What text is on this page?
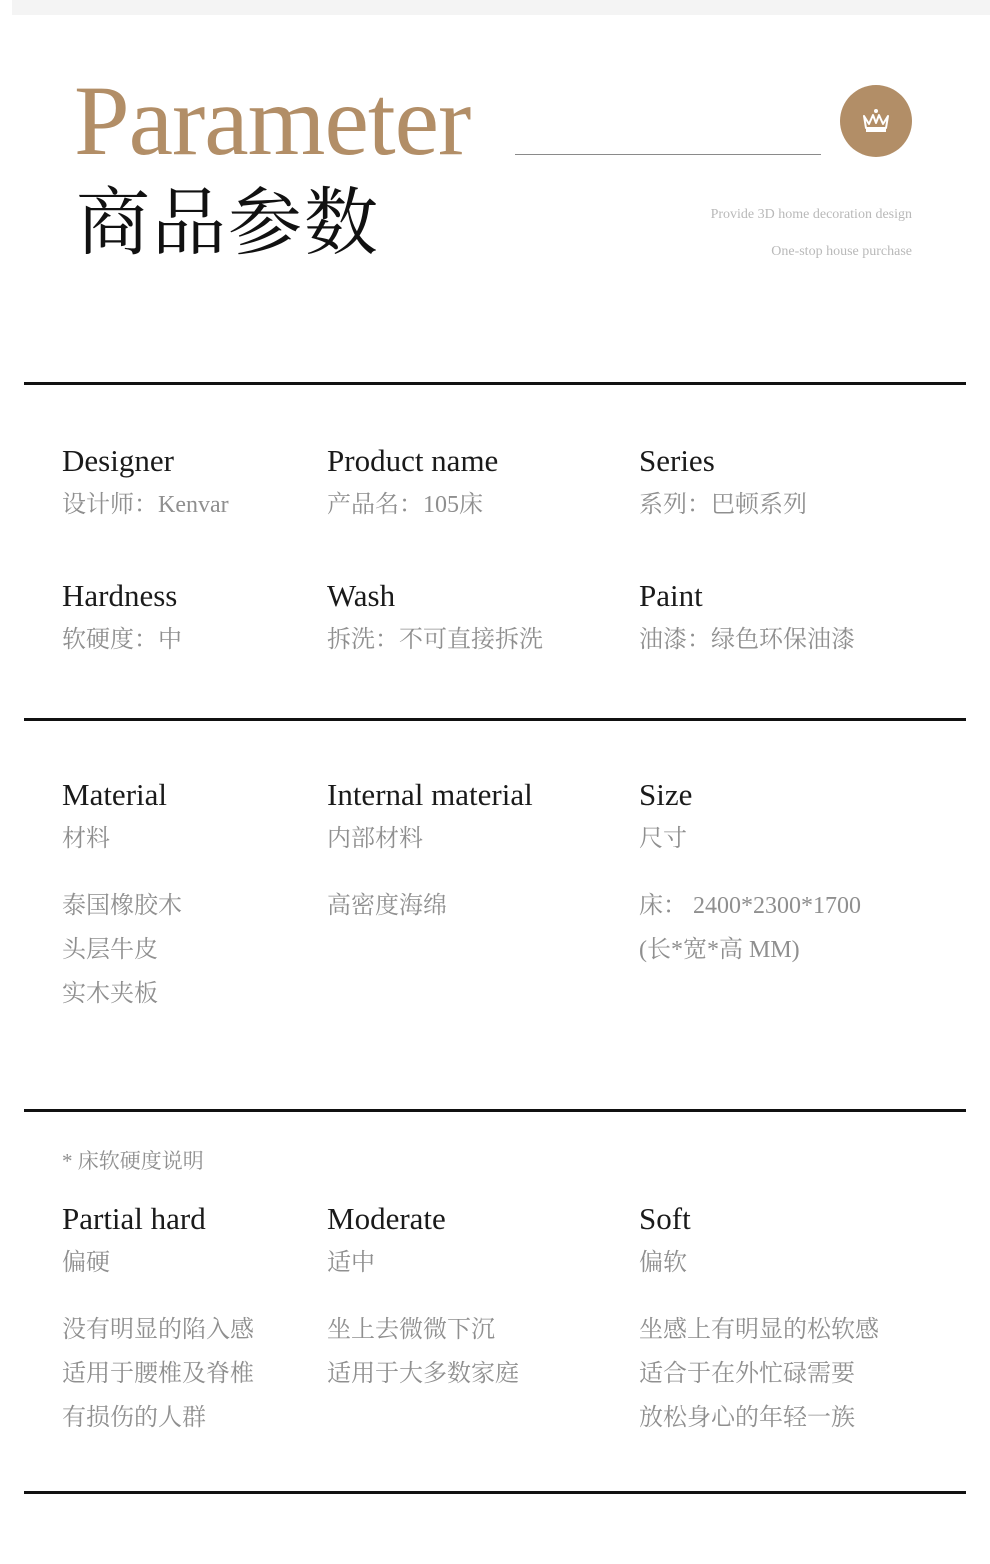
Parameter
商品参数	Provide 3D home decoration design
One-stop house purchase
Designer
设计师：Kenvar
Product name
产品名：105床
Series
系列：巴顿系列
Hardness
软硬度：中
Wash
拆洗：不可直接拆洗
Paint
油漆：绿色环保油漆
Material
材料
Internal material
内部材料
Size
尺寸
泰国橡胶木
头层牛皮
实木夹板
高密度海绵	床： 2400*2300*1700
(长*宽*高 MM)
* 床软硬度说明
Partial hard
偏硬
Moderate
适中
Soft
偏软
没有明显的陷入感
适用于腰椎及脊椎
有损伤的人群
坐上去微微下沉
适用于大多数家庭
坐感上有明显的松软感
适合于在外忙碌需要
放松身心的年轻一族
